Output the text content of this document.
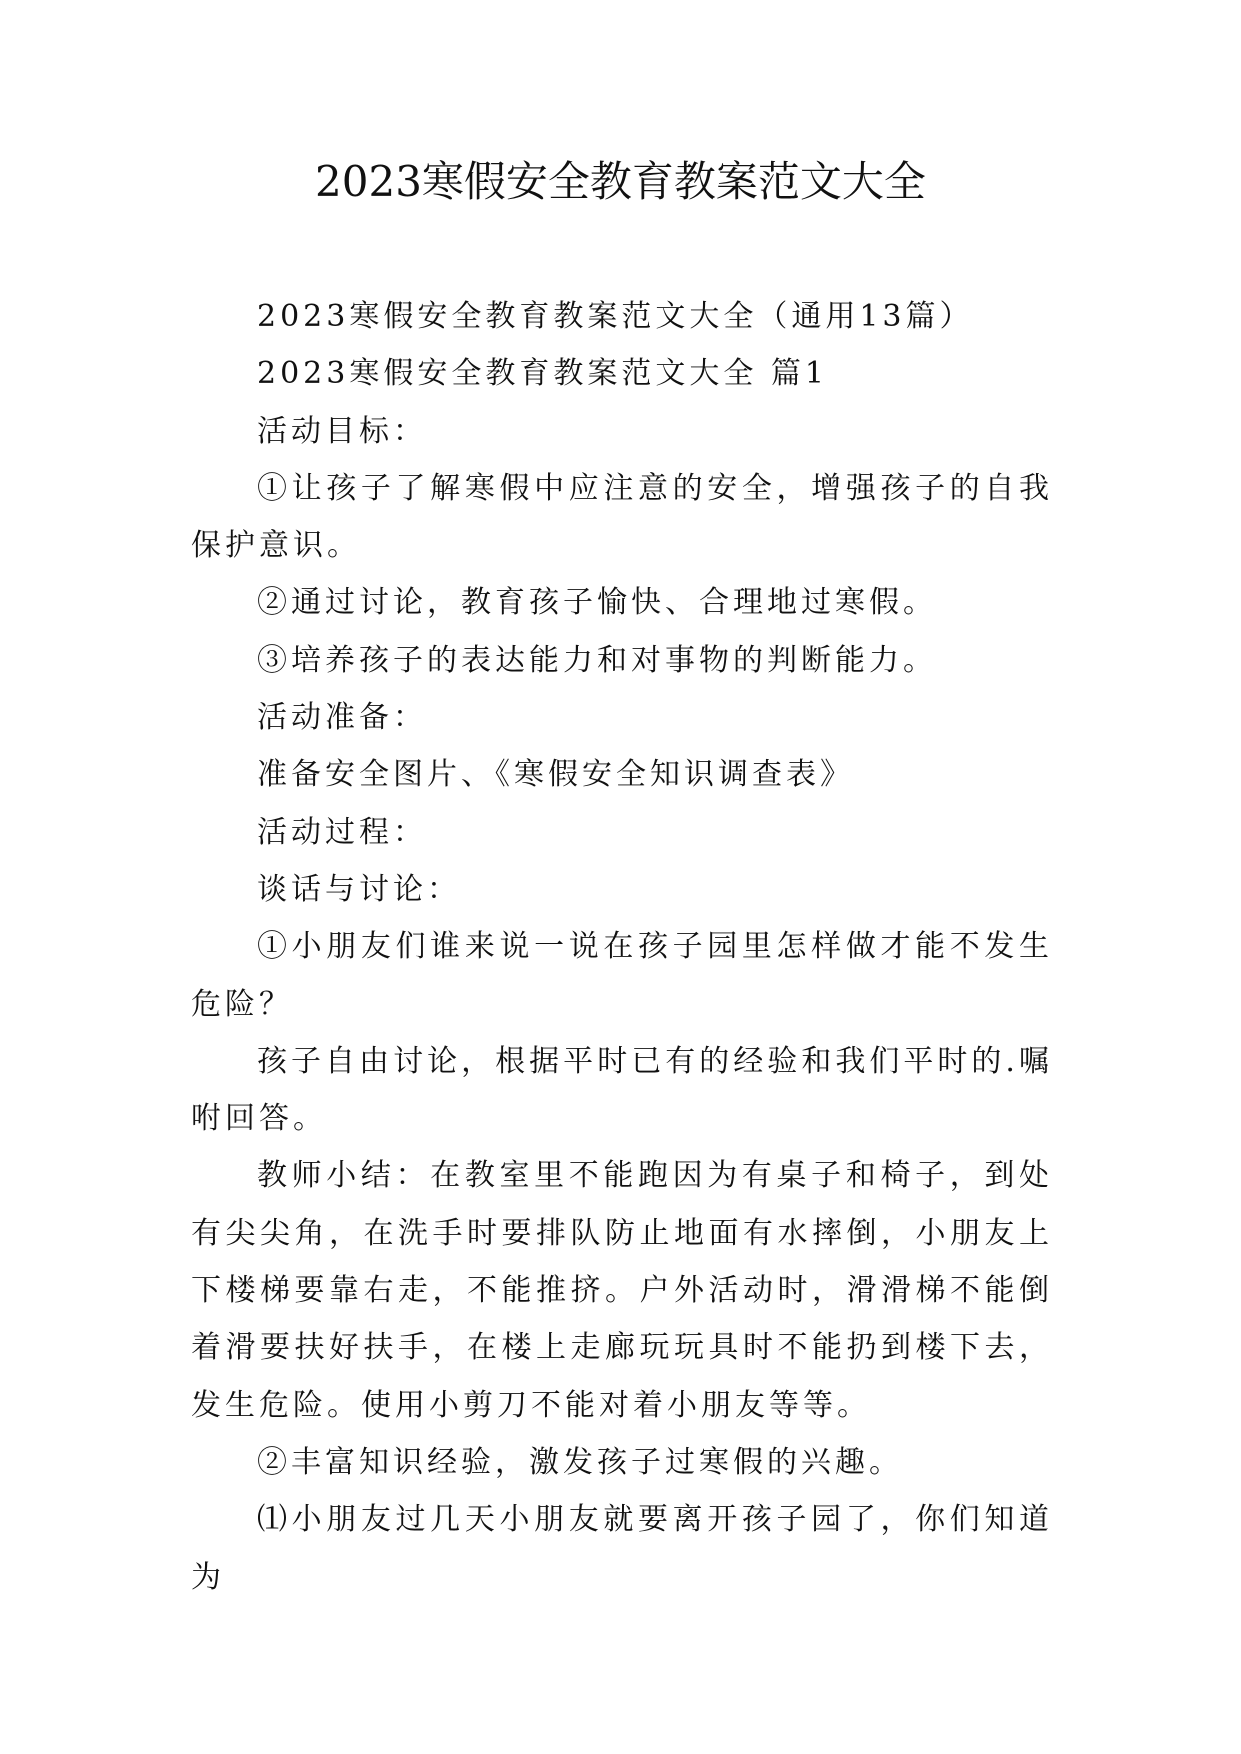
2023寒假安全教育教案范文大全

2023寒假安全教育教案范文大全（通用13篇）

2023寒假安全教育教案范文大全 篇1

活动目标：

①让孩子了解寒假中应注意的安全，增强孩子的自我保护意识。

②通过讨论，教育孩子愉快、合理地过寒假。

③培养孩子的表达能力和对事物的判断能力。

活动准备：

准备安全图片、《寒假安全知识调查表》

活动过程：

谈话与讨论：

①小朋友们谁来说一说在孩子园里怎样做才能不发生危险？

孩子自由讨论，根据平时已有的经验和我们平时的.嘱咐回答。

教师小结：在教室里不能跑因为有桌子和椅子，到处有尖尖角，在洗手时要排队防止地面有水摔倒，小朋友上下楼梯要靠右走，不能推挤。户外活动时，滑滑梯不能倒着滑要扶好扶手，在楼上走廊玩玩具时不能扔到楼下去，发生危险。使用小剪刀不能对着小朋友等等。

②丰富知识经验，激发孩子过寒假的兴趣。

⑴小朋友过几天小朋友就要离开孩子园了，你们知道为
